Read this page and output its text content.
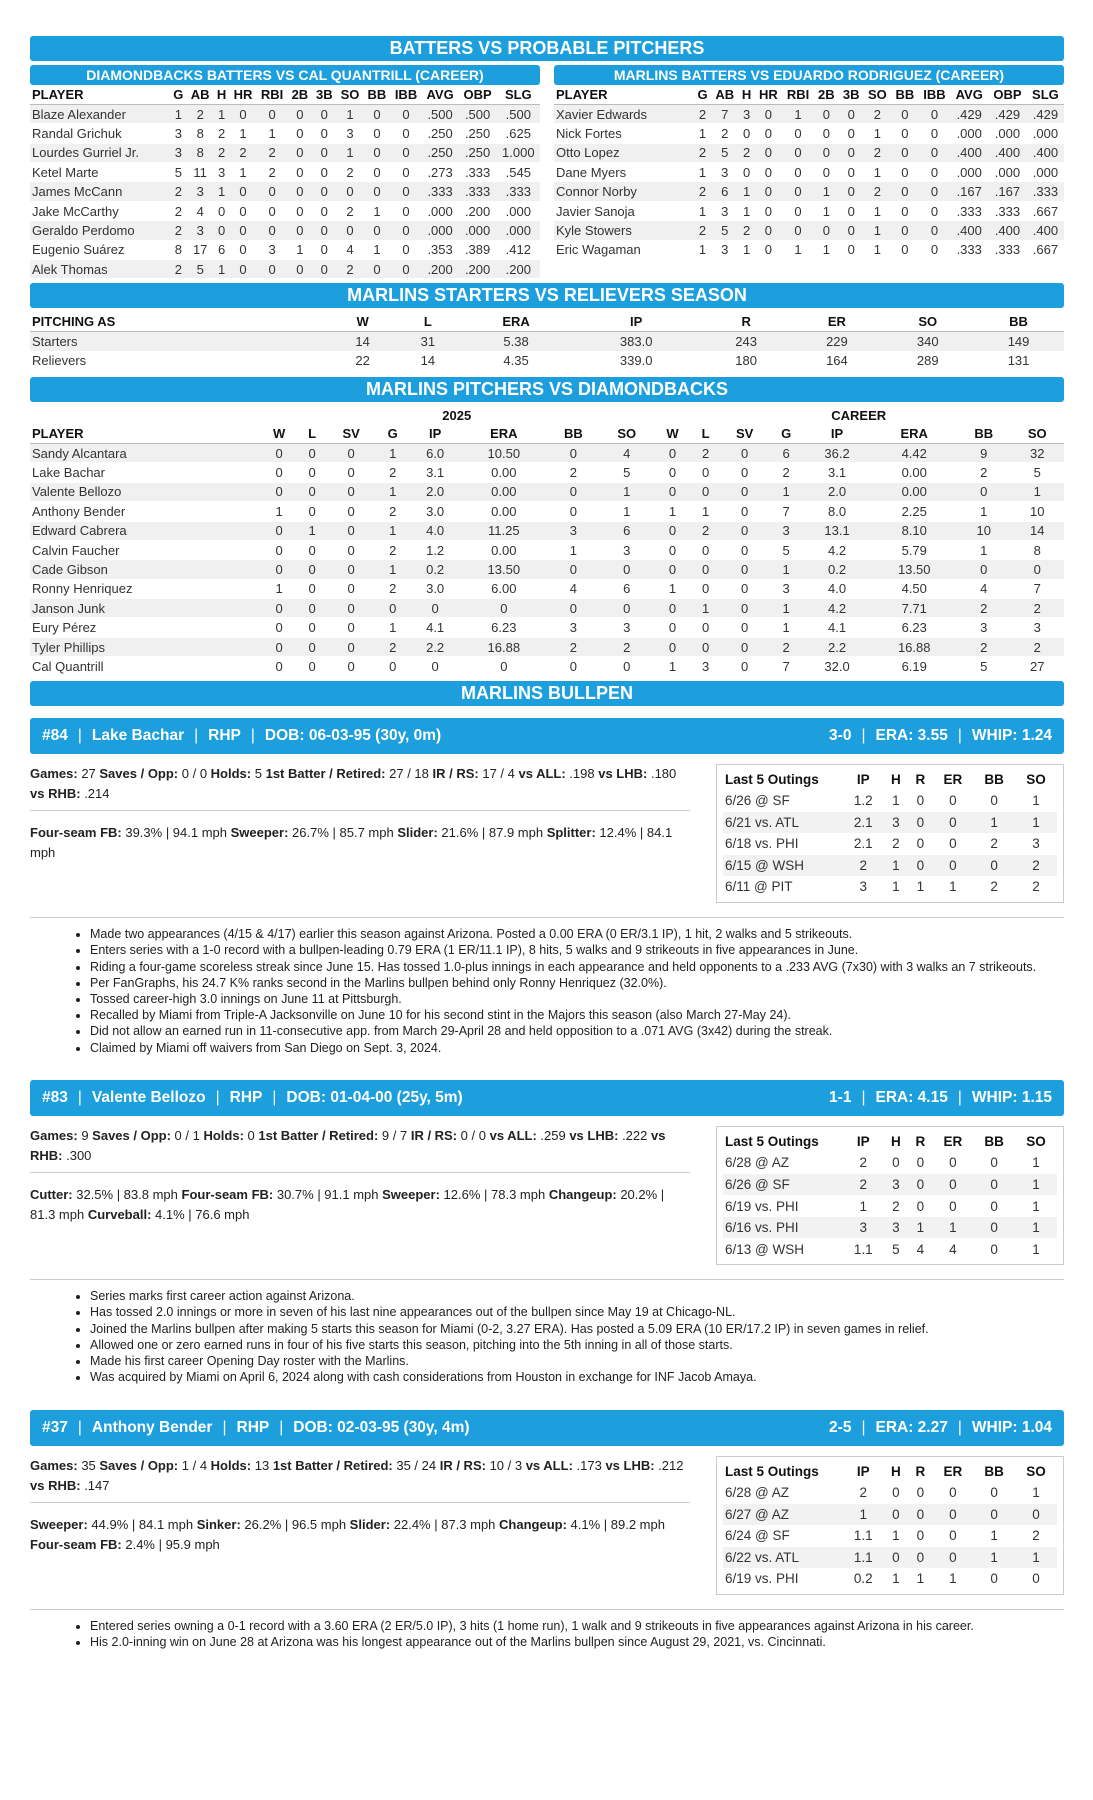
BATTERS VS PROBABLE PITCHERS
DIAMONDBACKS BATTERS VS CAL QUANTRILL (CAREER)
PLAYER	G	AB	H	HR	RBI	2B	3B	SO	BB	IBB	AVG	OBP	SLG
Blaze Alexander	1	2	1	0	0	0	0	1	0	0	.500	.500	.500
Randal Grichuk	3	8	2	1	1	0	0	3	0	0	.250	.250	.625
Lourdes Gurriel Jr.	3	8	2	2	2	0	0	1	0	0	.250	.250	1.000
Ketel Marte	5	11	3	1	2	0	0	2	0	0	.273	.333	.545
James McCann	2	3	1	0	0	0	0	0	0	0	.333	.333	.333
Jake McCarthy	2	4	0	0	0	0	0	2	1	0	.000	.200	.000
Geraldo Perdomo	2	3	0	0	0	0	0	0	0	0	.000	.000	.000
Eugenio Suárez	8	17	6	0	3	1	0	4	1	0	.353	.389	.412
Alek Thomas	2	5	1	0	0	0	0	2	0	0	.200	.200	.200
MARLINS BATTERS VS EDUARDO RODRIGUEZ (CAREER)
PLAYER	G	AB	H	HR	RBI	2B	3B	SO	BB	IBB	AVG	OBP	SLG
Xavier Edwards	2	7	3	0	1	0	0	2	0	0	.429	.429	.429
Nick Fortes	1	2	0	0	0	0	0	1	0	0	.000	.000	.000
Otto Lopez	2	5	2	0	0	0	0	2	0	0	.400	.400	.400
Dane Myers	1	3	0	0	0	0	0	1	0	0	.000	.000	.000
Connor Norby	2	6	1	0	0	1	0	2	0	0	.167	.167	.333
Javier Sanoja	1	3	1	0	0	1	0	1	0	0	.333	.333	.667
Kyle Stowers	2	5	2	0	0	0	0	1	0	0	.400	.400	.400
Eric Wagaman	1	3	1	0	1	1	0	1	0	0	.333	.333	.667
MARLINS STARTERS VS RELIEVERS SEASON
PITCHING AS	W	L	ERA	IP	R	ER	SO	BB
Starters	14	31	5.38	383.0	243	229	340	149
Relievers	22	14	4.35	339.0	180	164	289	131
MARLINS PITCHERS VS DIAMONDBACKS
	2025								CAREER							
PLAYER	W	L	SV	G	IP	ERA	BB	SO	W	L	SV	G	IP	ERA	BB	SO
Sandy Alcantara	0	0	0	1	6.0	10.50	0	4	0	2	0	6	36.2	4.42	9	32
Lake Bachar	0	0	0	2	3.1	0.00	2	5	0	0	0	2	3.1	0.00	2	5
Valente Bellozo	0	0	0	1	2.0	0.00	0	1	0	0	0	1	2.0	0.00	0	1
Anthony Bender	1	0	0	2	3.0	0.00	0	1	1	1	0	7	8.0	2.25	1	10
Edward Cabrera	0	1	0	1	4.0	11.25	3	6	0	2	0	3	13.1	8.10	10	14
Calvin Faucher	0	0	0	2	1.2	0.00	1	3	0	0	0	5	4.2	5.79	1	8
Cade Gibson	0	0	0	1	0.2	13.50	0	0	0	0	0	1	0.2	13.50	0	0
Ronny Henriquez	1	0	0	2	3.0	6.00	4	6	1	0	0	3	4.0	4.50	4	7
Janson Junk	0	0	0	0	0	0	0	0	0	1	0	1	4.2	7.71	2	2
Eury Pérez	0	0	0	1	4.1	6.23	3	3	0	0	0	1	4.1	6.23	3	3
Tyler Phillips	0	0	0	2	2.2	16.88	2	2	0	0	0	2	2.2	16.88	2	2
Cal Quantrill	0	0	0	0	0	0	0	0	1	3	0	7	32.0	6.19	5	27
MARLINS BULLPEN
#84 | Lake Bachar | RHP | DOB: 06-03-95 (30y, 0m)	3-0 | ERA: 3.55 | WHIP: 1.24
Games: 27 Saves / Opp: 0 / 0 Holds: 5 1st Batter / Retired: 27 / 18 IR / RS: 17 / 4 vs ALL: .198 vs LHB: .180 vs RHB: .214
Four-seam FB: 39.3% | 94.1 mph Sweeper: 26.7% | 85.7 mph Slider: 21.6% | 87.9 mph Splitter: 12.4% | 84.1 mph
Last 5 Outings	IP	H	R	ER	BB	SO
6/26 @ SF	1.2	1	0	0	0	1
6/21 vs. ATL	2.1	3	0	0	1	1
6/18 vs. PHI	2.1	2	0	0	2	3
6/15 @ WSH	2	1	0	0	0	2
6/11 @ PIT	3	1	1	1	2	2
• Made two appearances (4/15 & 4/17) earlier this season against Arizona. Posted a 0.00 ERA (0 ER/3.1 IP), 1 hit, 2 walks and 5 strikeouts.
• Enters series with a 1-0 record with a bullpen-leading 0.79 ERA (1 ER/11.1 IP), 8 hits, 5 walks and 9 strikeouts in five appearances in June.
• Riding a four-game scoreless streak since June 15. Has tossed 1.0-plus innings in each appearance and held opponents to a .233 AVG (7x30) with 3 walks an 7 strikeouts.
• Per FanGraphs, his 24.7 K% ranks second in the Marlins bullpen behind only Ronny Henriquez (32.0%).
• Tossed career-high 3.0 innings on June 11 at Pittsburgh.
• Recalled by Miami from Triple-A Jacksonville on June 10 for his second stint in the Majors this season (also March 27-May 24).
• Did not allow an earned run in 11-consecutive app. from March 29-April 28 and held opposition to a .071 AVG (3x42) during the streak.
• Claimed by Miami off waivers from San Diego on Sept. 3, 2024.
#83 | Valente Bellozo | RHP | DOB: 01-04-00 (25y, 5m)	1-1 | ERA: 4.15 | WHIP: 1.15
Games: 9 Saves / Opp: 0 / 1 Holds: 0 1st Batter / Retired: 9 / 7 IR / RS: 0 / 0 vs ALL: .259 vs LHB: .222 vs RHB: .300
Cutter: 32.5% | 83.8 mph Four-seam FB: 30.7% | 91.1 mph Sweeper: 12.6% | 78.3 mph Changeup: 20.2% | 81.3 mph Curveball: 4.1% | 76.6 mph
Last 5 Outings	IP	H	R	ER	BB	SO
6/28 @ AZ	2	0	0	0	0	1
6/26 @ SF	2	3	0	0	0	1
6/19 vs. PHI	1	2	0	0	0	1
6/16 vs. PHI	3	3	1	1	0	1
6/13 @ WSH	1.1	5	4	4	0	1
• Series marks first career action against Arizona.
• Has tossed 2.0 innings or more in seven of his last nine appearances out of the bullpen since May 19 at Chicago-NL.
• Joined the Marlins bullpen after making 5 starts this season for Miami (0-2, 3.27 ERA). Has posted a 5.09 ERA (10 ER/17.2 IP) in seven games in relief.
• Allowed one or zero earned runs in four of his five starts this season, pitching into the 5th inning in all of those starts.
• Made his first career Opening Day roster with the Marlins.
• Was acquired by Miami on April 6, 2024 along with cash considerations from Houston in exchange for INF Jacob Amaya.
#37 | Anthony Bender | RHP | DOB: 02-03-95 (30y, 4m)	2-5 | ERA: 2.27 | WHIP: 1.04
Games: 35 Saves / Opp: 1 / 4 Holds: 13 1st Batter / Retired: 35 / 24 IR / RS: 10 / 3 vs ALL: .173 vs LHB: .212 vs RHB: .147
Sweeper: 44.9% | 84.1 mph Sinker: 26.2% | 96.5 mph Slider: 22.4% | 87.3 mph Changeup: 4.1% | 89.2 mph Four-seam FB: 2.4% | 95.9 mph
Last 5 Outings	IP	H	R	ER	BB	SO
6/28 @ AZ	2	0	0	0	0	1
6/27 @ AZ	1	0	0	0	0	0
6/24 @ SF	1.1	1	0	0	1	2
6/22 vs. ATL	1.1	0	0	0	1	1
6/19 vs. PHI	0.2	1	1	1	0	0
• Entered series owning a 0-1 record with a 3.60 ERA (2 ER/5.0 IP), 3 hits (1 home run), 1 walk and 9 strikeouts in five appearances against Arizona in his career.
• His 2.0-inning win on June 28 at Arizona was his longest appearance out of the Marlins bullpen since August 29, 2021, vs. Cincinnati.
